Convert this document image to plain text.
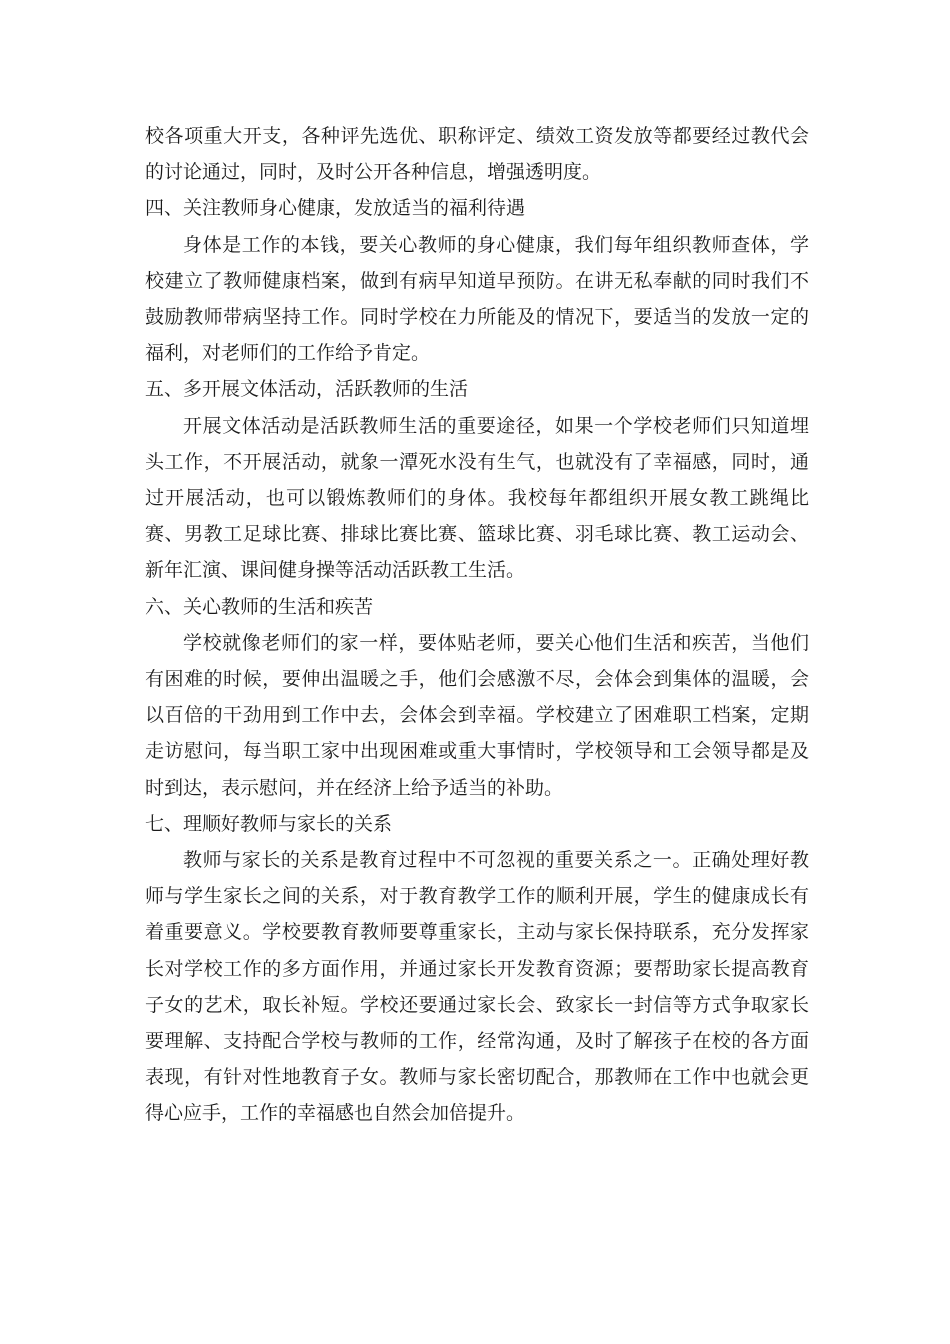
校各项重大开支，各种评先选优、职称评定、绩效工资发放等都要经过教代会的讨论通过，同时，及时公开各种信息，增强透明度。

四、关注教师身心健康，发放适当的福利待遇

身体是工作的本钱，要关心教师的身心健康，我们每年组织教师查体，学校建立了教师健康档案，做到有病早知道早预防。在讲无私奉献的同时我们不鼓励教师带病坚持工作。同时学校在力所能及的情况下，要适当的发放一定的福利，对老师们的工作给予肯定。

五、多开展文体活动，活跃教师的生活

开展文体活动是活跃教师生活的重要途径，如果一个学校老师们只知道埋头工作，不开展活动，就象一潭死水没有生气，也就没有了幸福感，同时，通过开展活动，也可以锻炼教师们的身体。我校每年都组织开展女教工跳绳比赛、男教工足球比赛、排球比赛比赛、篮球比赛、羽毛球比赛、教工运动会、新年汇演、课间健身操等活动活跃教工生活。

六、关心教师的生活和疾苦

学校就像老师们的家一样，要体贴老师，要关心他们生活和疾苦，当他们有困难的时候，要伸出温暖之手，他们会感激不尽，会体会到集体的温暖，会以百倍的干劲用到工作中去，会体会到幸福。学校建立了困难职工档案，定期走访慰问，每当职工家中出现困难或重大事情时，学校领导和工会领导都是及时到达，表示慰问，并在经济上给予适当的补助。

七、理顺好教师与家长的关系

教师与家长的关系是教育过程中不可忽视的重要关系之一。正确处理好教师与学生家长之间的关系，对于教育教学工作的顺利开展，学生的健康成长有着重要意义。学校要教育教师要尊重家长，主动与家长保持联系，充分发挥家长对学校工作的多方面作用，并通过家长开发教育资源；要帮助家长提高教育子女的艺术，取长补短。学校还要通过家长会、致家长一封信等方式争取家长要理解、支持配合学校与教师的工作，经常沟通，及时了解孩子在校的各方面表现，有针对性地教育子女。教师与家长密切配合，那教师在工作中也就会更得心应手，工作的幸福感也自然会加倍提升。
